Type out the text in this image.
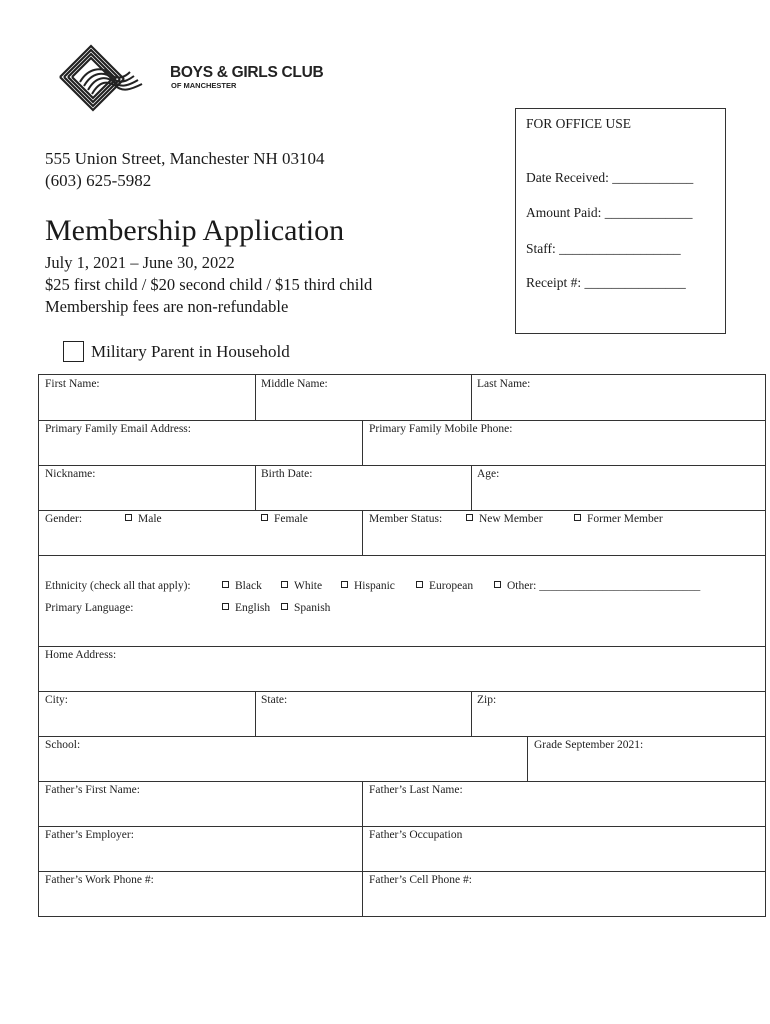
BOYS & GIRLS CLUB
OF MANCHESTER
FOR OFFICE USE
Date Received: ____________
Amount Paid: _____________
Staff: __________________
Receipt #: _______________
555 Union Street, Manchester NH 03104
(603) 625-5982
Membership Application
July 1, 2021 – June 30, 2022
$25 first child / $20 second child / $15 third child
Membership fees are non-refundable
Military Parent in Household
First Name:	Middle Name:	Last Name:
Primary Family Email Address:	Primary Family Mobile Phone:
Nickname:	Birth Date:	Age:
Gender:	Male	Female	Member Status:	New Member	Former Member
Ethnicity (check all that apply):	Black	White	Hispanic	European	Other: ____________________________
Primary Language:	English	Spanish
Home Address:
City:	State:	Zip:
School:	Grade September 2021:
Father’s First Name:	Father’s Last Name:
Father’s Employer:	Father’s Occupation
Father’s Work Phone #:	Father’s Cell Phone #:
